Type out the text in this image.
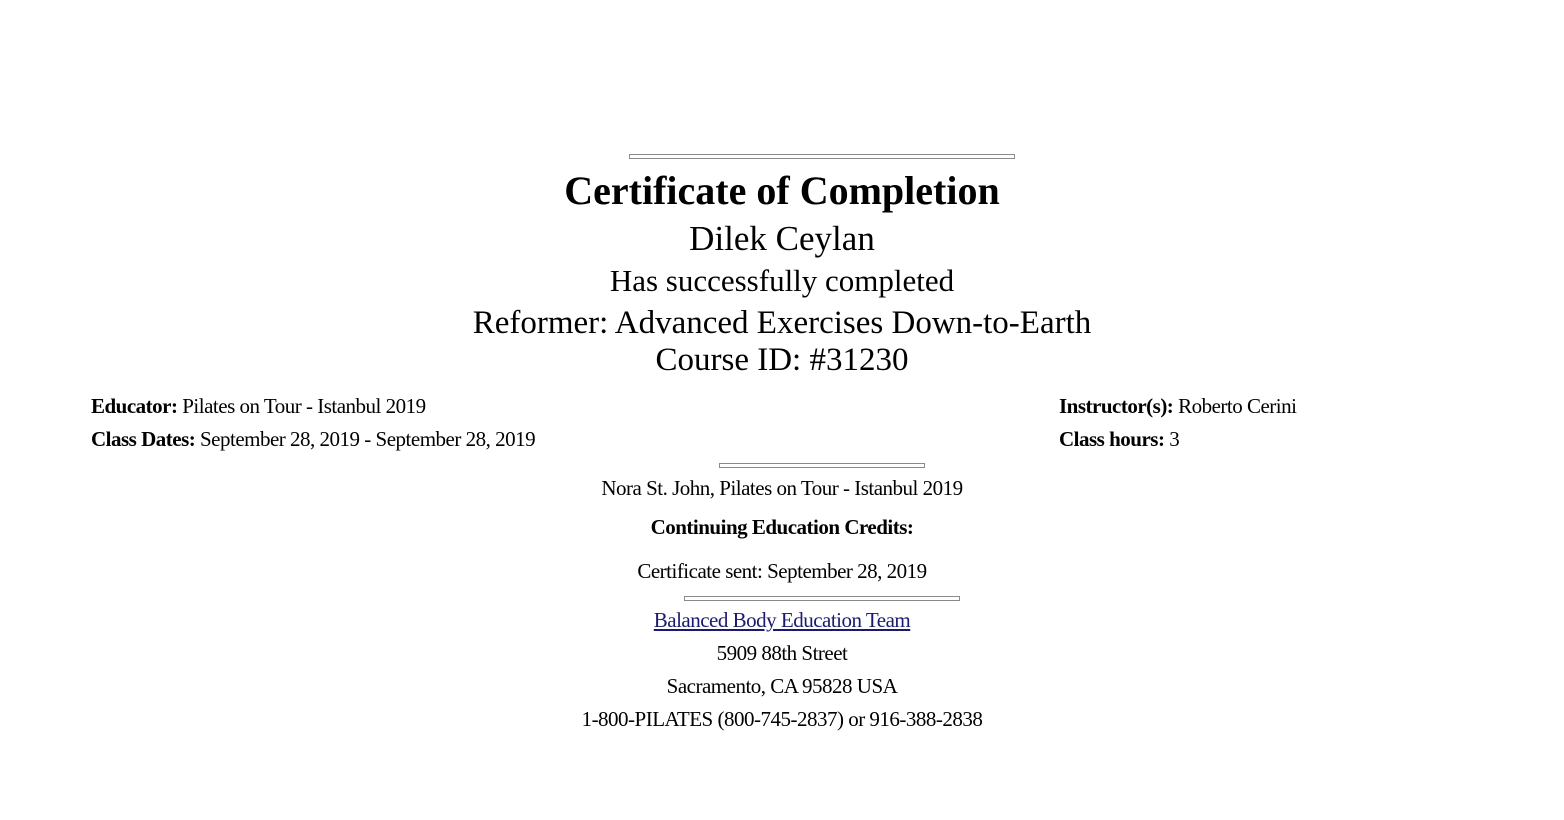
Certificate of Completion
Dilek Ceylan
Has successfully completed
Reformer: Advanced Exercises Down-to-Earth
Course ID: #31230
Educator: Pilates on Tour - Istanbul 2019
Class Dates: September 28, 2019 - September 28, 2019
Instructor(s): Roberto Cerini
Class hours: 3
Nora St. John, Pilates on Tour - Istanbul 2019
Continuing Education Credits:
Certificate sent: September 28, 2019
Balanced Body Education Team
5909 88th Street
Sacramento, CA 95828 USA
1-800-PILATES (800-745-2837) or 916-388-2838
